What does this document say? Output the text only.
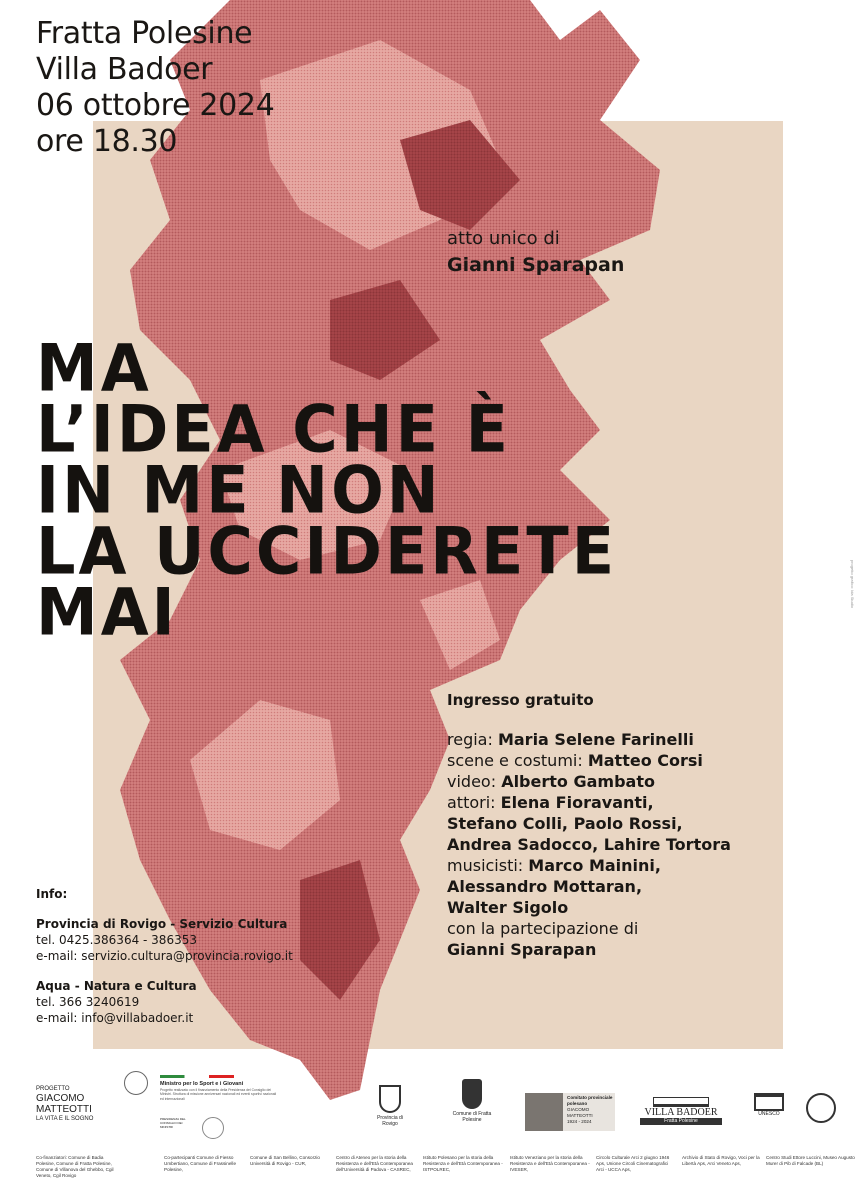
Fratta Polesine
Villa Badoer
06 ottobre 2024
ore 18.30
atto unico di
Gianni Sparapan
MA
L’IDEA CHE È
IN ME NON
LA UCCIDERETE
MAI
Ingresso gratuito
regia: Maria Selene Farinelli
scene e costumi: Matteo Corsi
video: Alberto Gambato
attori: Elena Fioravanti,
Stefano Colli, Paolo Rossi,
Andrea Sadocco, Lahire Tortora
musicisti: Marco Mainini,
Alessandro Mottaran,
Walter Sigolo
con la partecipazione di
Gianni Sparapan
Info:
Provincia di Rovigo - Servizio Cultura
tel. 0425.386364 - 386353
e-mail: servizio.cultura@provincia.rovigo.it
Aqua - Natura e Cultura
tel. 366 3240619
e-mail: info@villabadoer.it
progetto grafico: Ida Studio
PROGETTO
GIACOMO
MATTEOTTI
LA VITA E IL SOGNO
Ministro per lo Sport e i Giovani
Progetto realizzato con il finanziamento della Presidenza del Consiglio dei Ministri. Struttura di missione anniversari nazionali ed eventi sportivi nazionali ed internazionali
PRESIDENZA DEL CONSIGLIO DEI MINISTRI
Provincia di Rovigo
Comune di Fratta Polesine
Comitato provinciale polesano
GIACOMO MATTEOTTI
1924 - 2024
VILLA BADOER
Fratta Polesine
UNESCO
Co-finanziatori: Comune di Badia Polesine, Comune di Fratta Polesine, Comune di Villanova del Ghebbo, Cgil Veneto, Cgil Rovigo
Co-partecipanti Comune di Fiesso Umbertiano, Comune di Frassinelle Polesine,
Comune di San Bellino, Consorzio Università di Rovigo - CUR,
Centro di Ateneo per la storia della Resistenza e dell'Età Contemporanea dell'Università di Padova - CASREC,
Istituto Polesano per la storia della Resistenza e dell'Età Contemporanea - ISTPOLREC,
Istituto Veneziano per la storia della Resistenza e dell'Età Contemporanea - IVESER,
Circolo Culturale Arci 2 giugno 1946 Aps, Unione Circoli Cinematografici Arci - UCCA Aps,
Archivio di Stato di Rovigo, Voci per la Libertà Aps, Arci Veneto Aps,
Centro Studi Ettore Luccini, Museo Augusto Murer di Pib di Falcade (BL)
